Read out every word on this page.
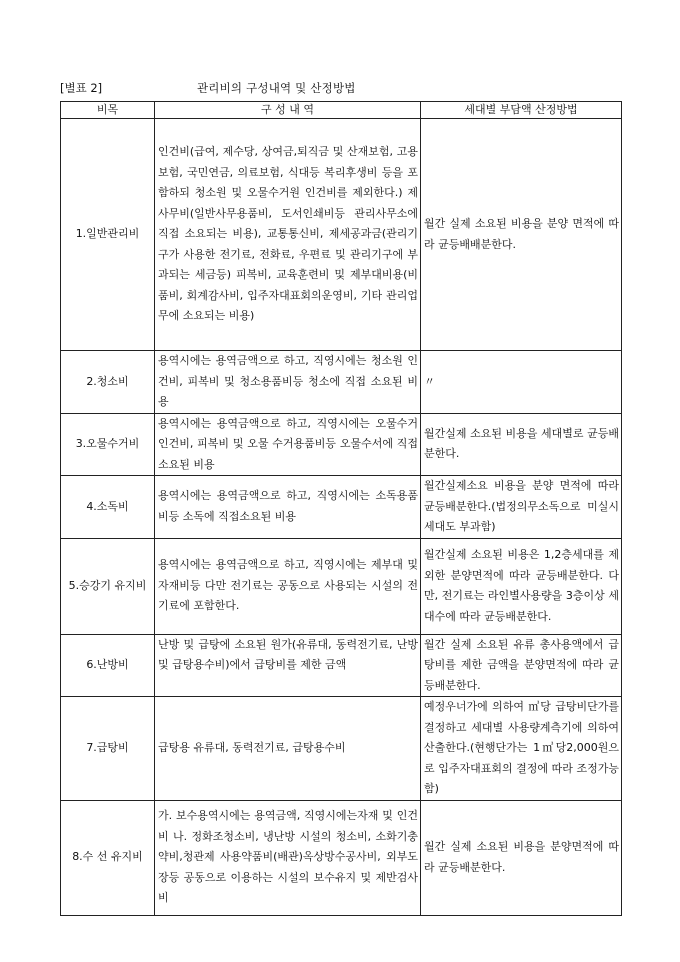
[별표 2]	관리비의 구성내역 및 산정방법
비목	구 성 내 역	세대별 부담액 산정방법
1.일반관리비	인건비(급여, 제수당, 상여금,퇴직금 및 산재보험, 고용보험, 국민연금, 의료보험, 식대등 복리후생비 등을 포함하되 청소원 및 오물수거원 인건비를 제외한다.) 제사무비(일반사무용품비, 도서인쇄비등 관리사무소에 직접 소요되는 비용), 교통통신비, 제세공과금(관리기구가 사용한 전기료, 전화료, 우편료 및 관리기구에 부과되는 세금등) 피복비, 교육훈련비 및 제부대비용(비품비, 회계감사비, 입주자대표회의운영비, 기타 관리업무에 소요되는 비용)	월간 실제 소요된 비용을 분양 면적에 따라 균등배배분한다.
2.청소비	용역시에는 용역금액으로 하고, 직영시에는 청소원 인건비, 피복비 및 청소용품비등 청소에 직접 소요된 비용	〃
3.오물수거비	용역시에는 용역금액으로 하고, 직영시에는 오물수거 인건비, 피복비 및 오물 수거용품비등 오물수서에 직접 소요된 비용	월간실제 소요된 비용을 세대별로 균등배분한다.
4.소독비	용역시에는 용역금액으로 하고, 직영시에는 소독용품비등 소독에 직접소요된 비용	월간실제소요 비용을 분양 면적에 따라 균등배분한다.(법정의무소독으로 미실시 세대도 부과함)
5.승강기 유지비	용역시에는 용역금액으로 하고, 직영시에는 제부대 및 자재비등 다만 전기료는 공동으로 사용되는 시설의 전기료에 포함한다.	월간실제 소요된 비용은 1,2층세대를 제외한 분양면적에 따라 균등배분한다. 다만, 전기료는 라인별사용량을 3층이상 세대수에 따라 균등배분한다.
6.난방비	난방 및 급탕에 소요된 원가(유류대, 동력전기료, 난방 및 급탕용수비)에서 급탕비를 제한 금액	월간 실제 소요된 유류 총사용액에서 급탕비를 제한 금액을 분양면적에 따라 균등배분한다.
7.급탕비	급탕용 유류대, 동력전기료, 급탕용수비	예정우너가에 의하여 ㎥당 급탕비단가를 결정하고 세대별 사용량계측기에 의하여 산출한다.(현행단가는 1㎥당2,000원으로 입주자대표회의 결정에 따라 조정가능함)
8.수 선 유지비	가. 보수용역시에는 용역금액, 직영시에는자재 및 인건비 나. 정화조청소비, 냉난방 시설의 청소비, 소화기충약비,청관제 사용약품비(배관)옥상방수공사비, 외부도장등 공동으로 이용하는 시설의 보수유지 및 제반검사비	월간 실제 소요된 비용을 분양면적에 따라 균등배분한다.
